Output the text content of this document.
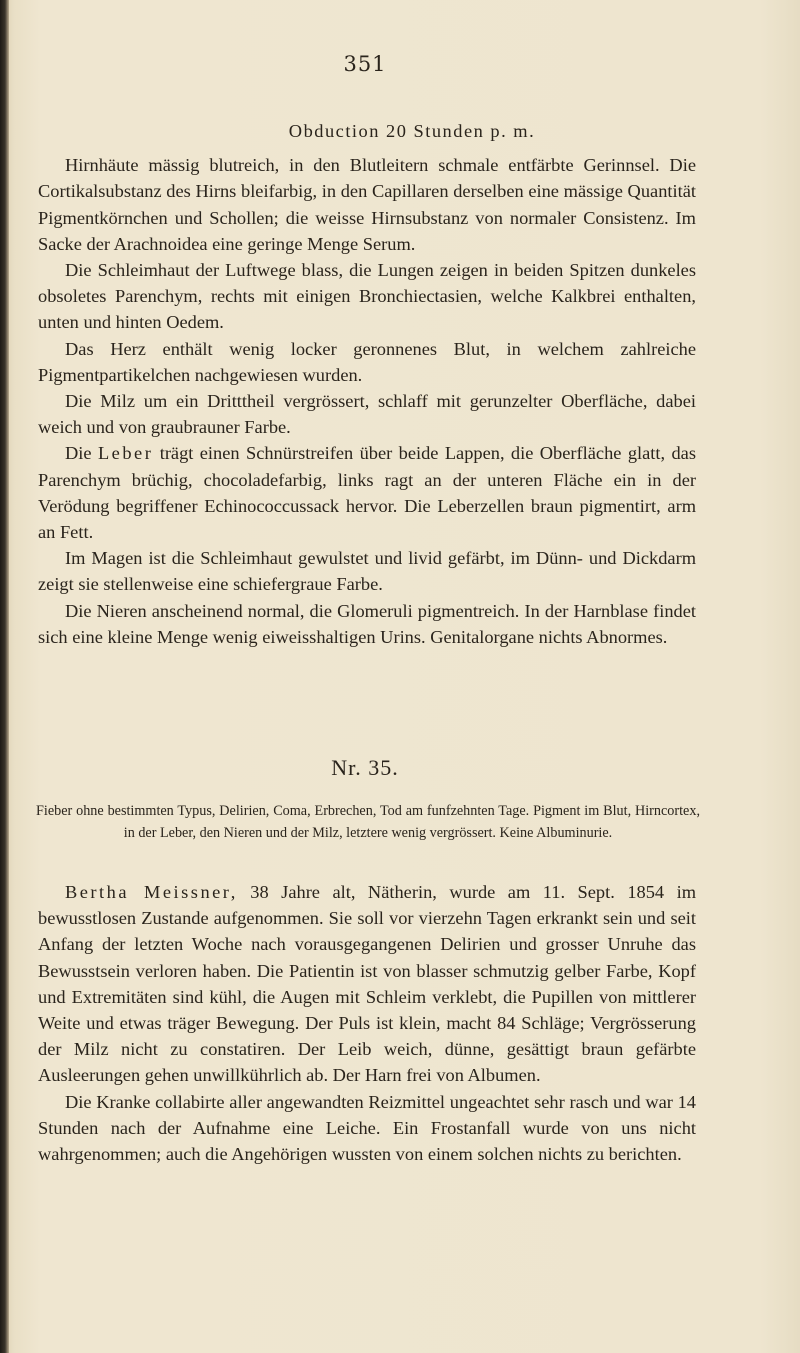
351

Obduction 20 Stunden p. m.

Hirnhäute mässig blutreich, in den Blutleitern schmale entfärbte Gerinnsel. Die Cortikalsubstanz des Hirns bleifarbig, in den Capillaren derselben eine mässige Quantität Pigmentkörnchen und Schollen; die weisse Hirnsubstanz von normaler Consistenz. Im Sacke der Arachnoidea eine geringe Menge Serum.

Die Schleimhaut der Luftwege blass, die Lungen zeigen in beiden Spitzen dunkeles obsoletes Parenchym, rechts mit einigen Bronchiectasien, welche Kalkbrei enthalten, unten und hinten Oedem.

Das Herz enthält wenig locker geronnenes Blut, in welchem zahlreiche Pigmentpartikelchen nachgewiesen wurden.

Die Milz um ein Dritttheil vergrössert, schlaff mit gerunzelter Oberfläche, dabei weich und von graubrauner Farbe.

Die Leber trägt einen Schnürstreifen über beide Lappen, die Oberfläche glatt, das Parenchym brüchig, chocoladefarbig, links ragt an der unteren Fläche ein in der Verödung begriffener Echinococcussack hervor. Die Leberzellen braun pigmentirt, arm an Fett.

Im Magen ist die Schleimhaut gewulstet und livid gefärbt, im Dünn- und Dickdarm zeigt sie stellenweise eine schiefergraue Farbe.

Die Nieren anscheinend normal, die Glomeruli pigmentreich. In der Harnblase findet sich eine kleine Menge wenig eiweisshaltigen Urins. Genitalorgane nichts Abnormes.

Nr. 35.

Fieber ohne bestimmten Typus, Delirien, Coma, Erbrechen, Tod am funfzehnten Tage. Pigment im Blut, Hirncortex, in der Leber, den Nieren und der Milz, letztere wenig vergrössert. Keine Albuminurie.

Bertha Meissner, 38 Jahre alt, Nätherin, wurde am 11. Sept. 1854 im bewusstlosen Zustande aufgenommen. Sie soll vor vierzehn Tagen erkrankt sein und seit Anfang der letzten Woche nach vorausgegangenen Delirien und grosser Unruhe das Bewusstsein verloren haben. Die Patientin ist von blasser schmutzig gelber Farbe, Kopf und Extremitäten sind kühl, die Augen mit Schleim verklebt, die Pupillen von mittlerer Weite und etwas träger Bewegung. Der Puls ist klein, macht 84 Schläge; Vergrösserung der Milz nicht zu constatiren. Der Leib weich, dünne, gesättigt braun gefärbte Ausleerungen gehen unwillkührlich ab. Der Harn frei von Albumen.

Die Kranke collabirte aller angewandten Reizmittel ungeachtet sehr rasch und war 14 Stunden nach der Aufnahme eine Leiche. Ein Frostanfall wurde von uns nicht wahrgenommen; auch die Angehörigen wussten von einem solchen nichts zu berichten.
